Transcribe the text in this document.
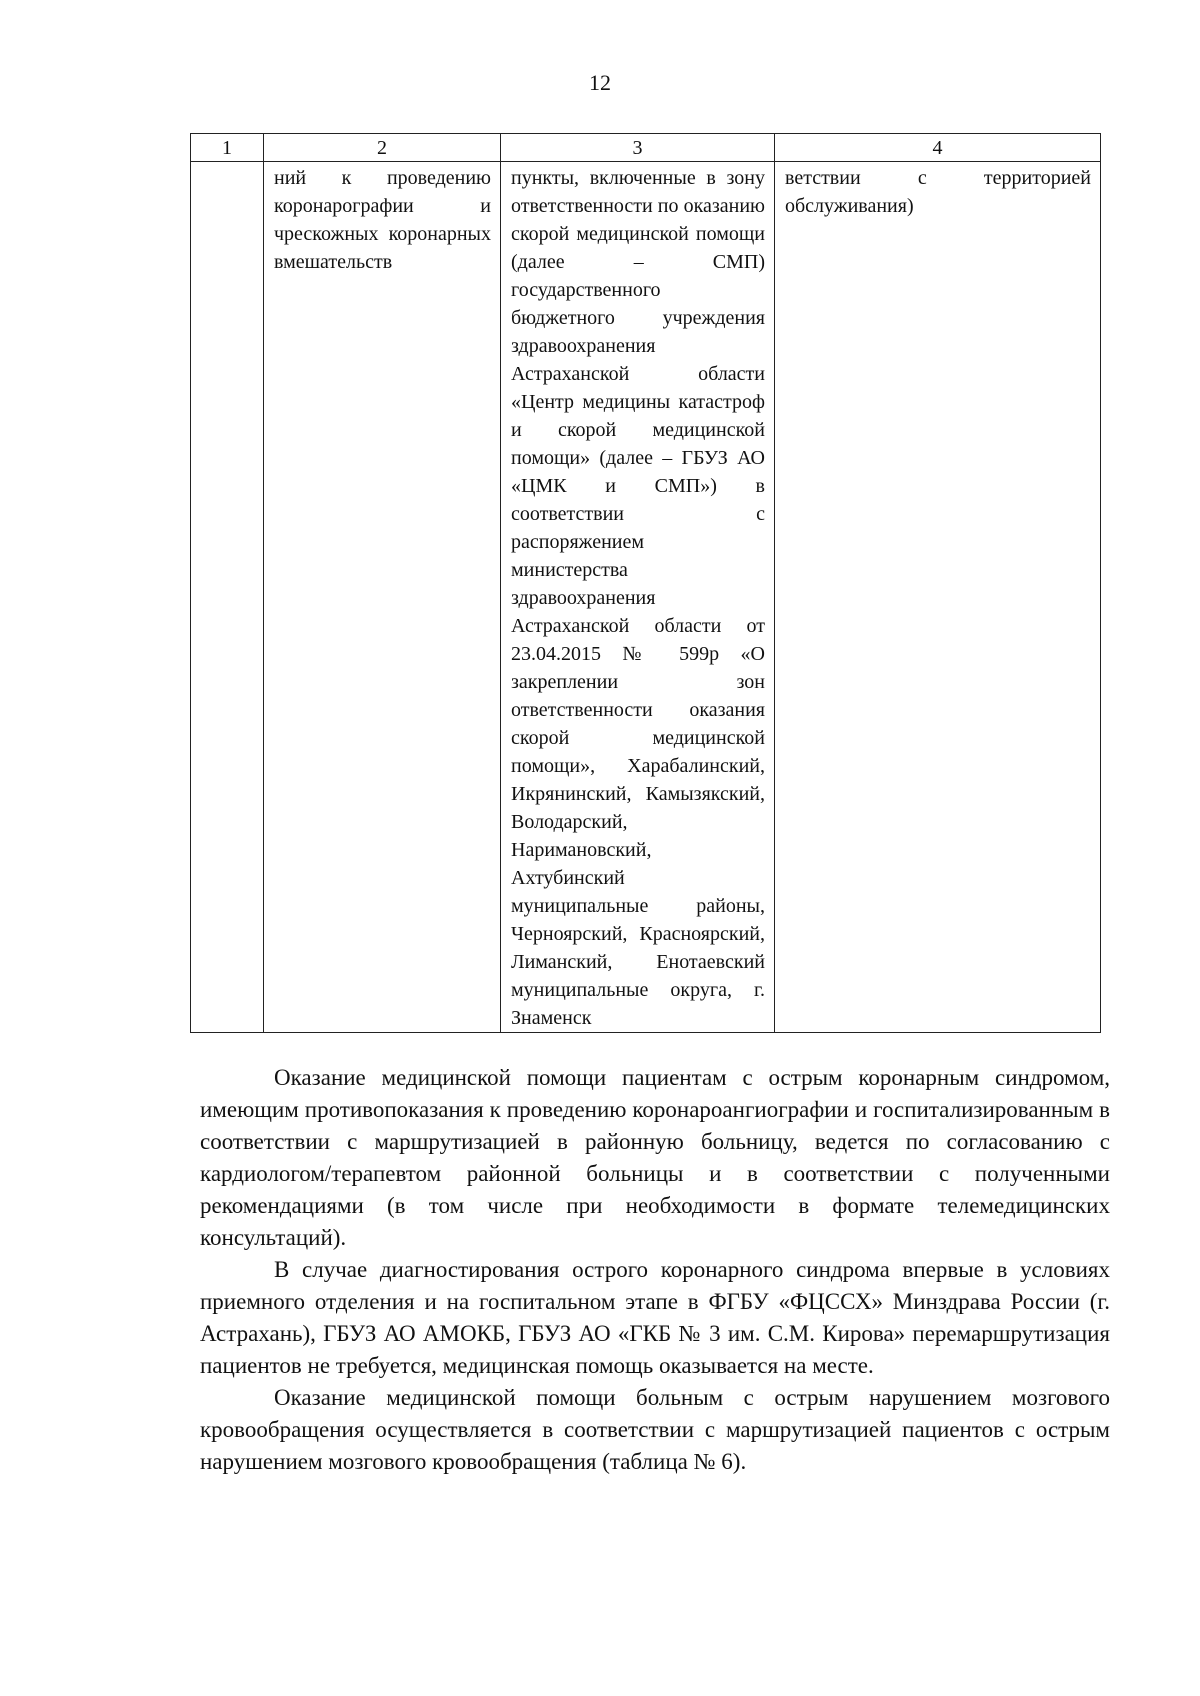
12
1	2	3	4
	ний к проведению коронарографии и чрескожных коронарных вмешательств	пункты, включенные в зону ответственности по оказанию скорой медицинской помощи (далее – СМП) государственного бюджетного учреждения здравоохранения Астраханской области «Центр медицины катастроф и скорой медицинской помощи» (далее – ГБУЗ АО «ЦМК и СМП») в соответствии с распоряжением министерства здравоохранения Астраханской области от 23.04.2015 № 599р «О закреплении зон ответственности оказания скорой медицинской помощи», Харабалинский, Икрянинский, Камызякский, Володарский, Наримановский, Ахтубинский муниципальные районы, Черноярский, Красноярский, Лиманский, Енотаевский муниципальные округа, г. Знаменск	ветствии с территорией обслуживания)

Оказание медицинской помощи пациентам с острым коронарным синдромом, имеющим противопоказания к проведению коронароангиографии и госпитализированным в соответствии с маршрутизацией в районную больницу, ведется по согласованию с кардиологом/терапевтом районной больницы и в соответствии с полученными рекомендациями (в том числе при необходимости в формате телемедицинских консультаций).

В случае диагностирования острого коронарного синдрома впервые в условиях приемного отделения и на госпитальном этапе в ФГБУ «ФЦССХ» Минздрава России (г. Астрахань), ГБУЗ АО АМОКБ, ГБУЗ АО «ГКБ № 3 им. С.М. Кирова» перемаршрутизация пациентов не требуется, медицинская помощь оказывается на месте.

Оказание медицинской помощи больным с острым нарушением мозгового кровообращения осуществляется в соответствии с маршрутизацией пациентов с острым нарушением мозгового кровообращения (таблица № 6).
